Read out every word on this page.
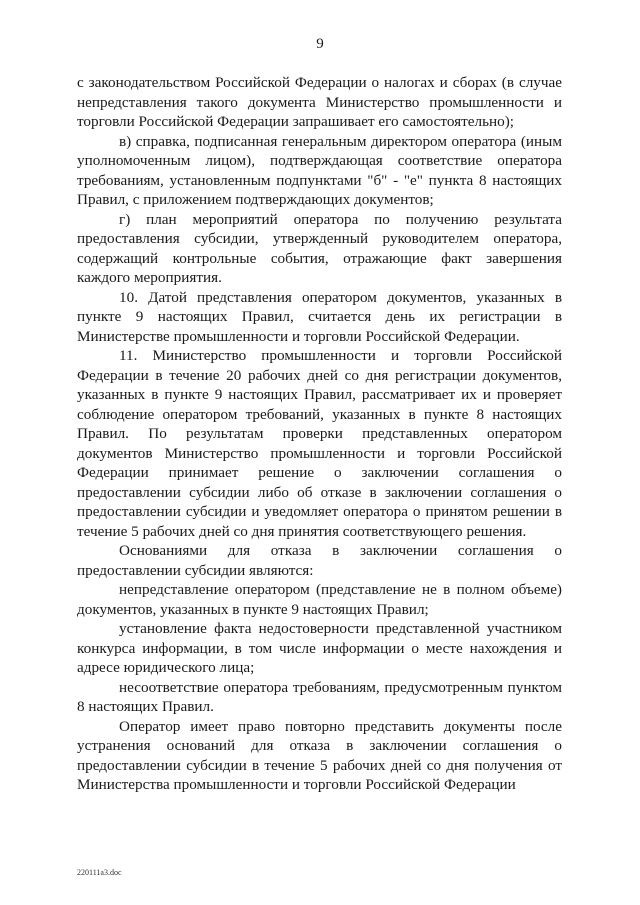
9

с законодательством Российской Федерации о налогах и сборах (в случае непредставления такого документа Министерство промышленности и торговли Российской Федерации запрашивает его самостоятельно);

в) справка, подписанная генеральным директором оператора (иным уполномоченным лицом), подтверждающая соответствие оператора требованиям, установленным подпунктами "б" - "е" пункта 8 настоящих Правил, с приложением подтверждающих документов;

г) план мероприятий оператора по получению результата предоставления субсидии, утвержденный руководителем оператора, содержащий контрольные события, отражающие факт завершения каждого мероприятия.

10. Датой представления оператором документов, указанных в пункте 9 настоящих Правил, считается день их регистрации в Министерстве промышленности и торговли Российской Федерации.

11. Министерство промышленности и торговли Российской Федерации в течение 20 рабочих дней со дня регистрации документов, указанных в пункте 9 настоящих Правил, рассматривает их и проверяет соблюдение оператором требований, указанных в пункте 8 настоящих Правил. По результатам проверки представленных оператором документов Министерство промышленности и торговли Российской Федерации принимает решение о заключении соглашения о предоставлении субсидии либо об отказе в заключении соглашения о предоставлении субсидии и уведомляет оператора о принятом решении в течение 5 рабочих дней со дня принятия соответствующего решения.

Основаниями для отказа в заключении соглашения о предоставлении субсидии являются:

непредставление оператором (представление не в полном объеме) документов, указанных в пункте 9 настоящих Правил;

установление факта недостоверности представленной участником конкурса информации, в том числе информации о месте нахождения и адресе юридического лица;

несоответствие оператора требованиям, предусмотренным пунктом 8 настоящих Правил.

Оператор имеет право повторно представить документы после устранения оснований для отказа в заключении соглашения о предоставлении субсидии в течение 5 рабочих дней со дня получения от Министерства промышленности и торговли Российской Федерации

220111a3.doc
